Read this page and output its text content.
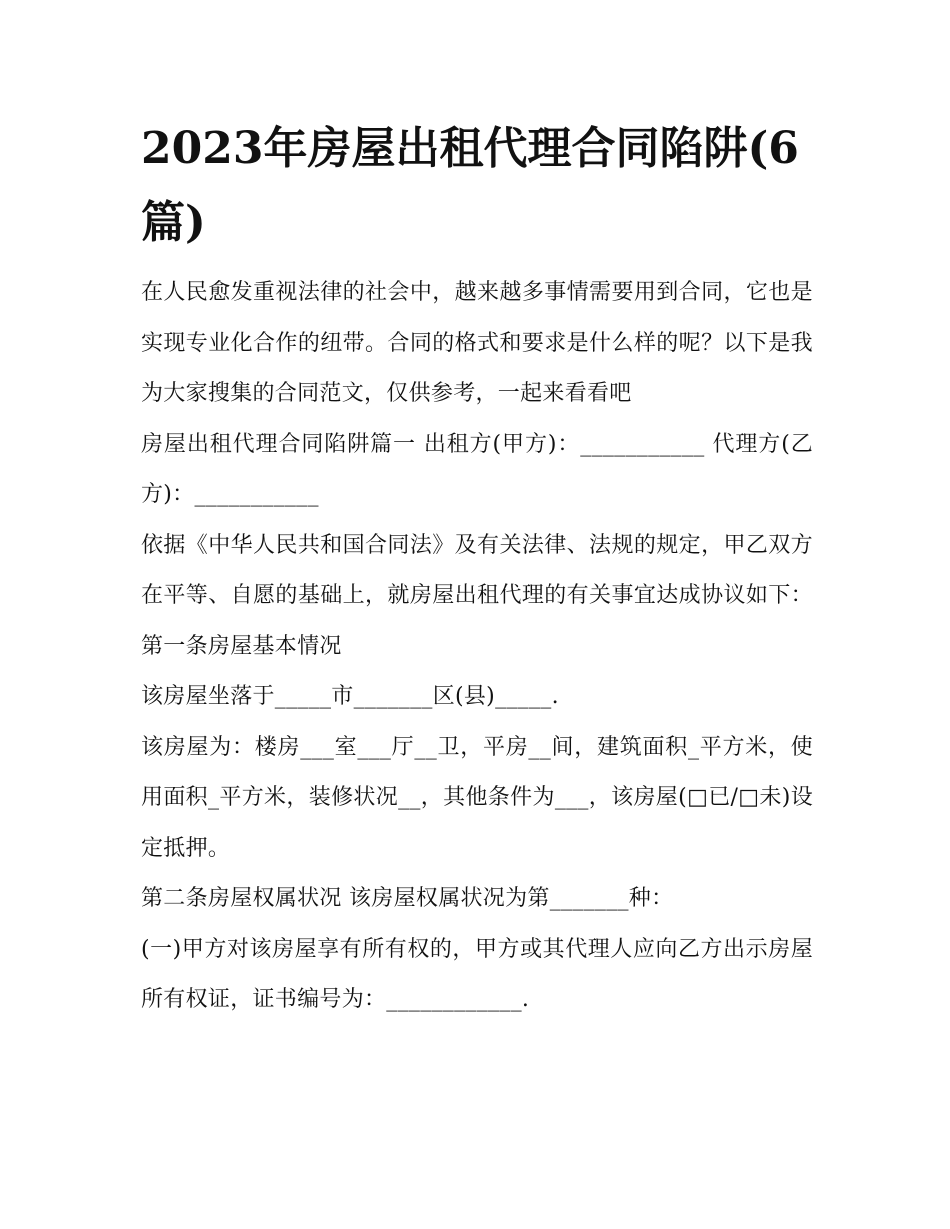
2023年房屋出租代理合同陷阱(6篇)

在人民愈发重视法律的社会中，越来越多事情需要用到合同，它也是实现专业化合作的纽带。合同的格式和要求是什么样的呢？以下是我为大家搜集的合同范文，仅供参考，一起来看看吧

房屋出租代理合同陷阱篇一 出租方(甲方)：___________ 代理方(乙方)：___________

依据《中华人民共和国合同法》及有关法律、法规的规定，甲乙双方在平等、自愿的基础上，就房屋出租代理的有关事宜达成协议如下： 第一条房屋基本情况

该房屋坐落于_____市_______区(县)_____.

该房屋为：楼房___室___厅__卫，平房__间，建筑面积_平方米，使用面积_平方米，装修状况__，其他条件为___，该房屋(□已/□未)设定抵押。

第二条房屋权属状况 该房屋权属状况为第_______种：

(一)甲方对该房屋享有所有权的，甲方或其代理人应向乙方出示房屋所有权证，证书编号为：____________.
